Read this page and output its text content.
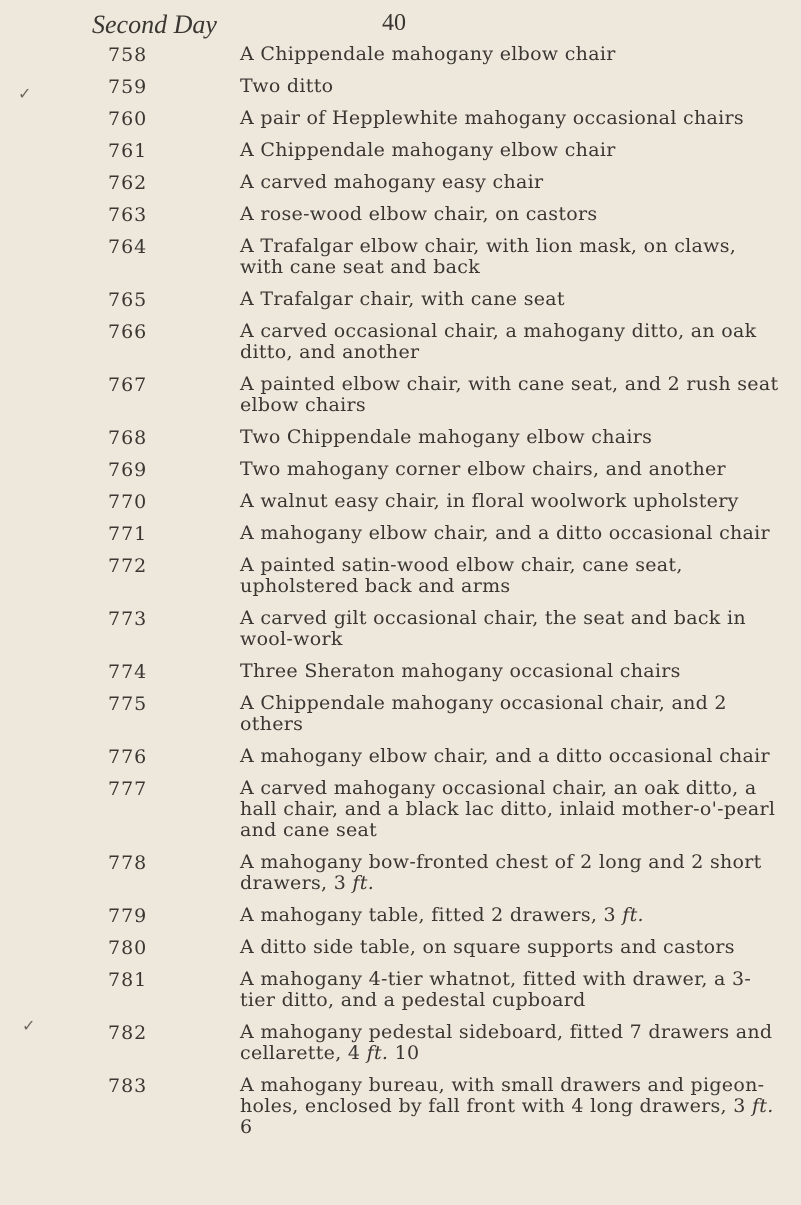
Second Day	40
✓
✓
758	A Chippendale mahogany elbow chair
759	Two ditto
760	A pair of Hepplewhite mahogany occasional chairs
761	A Chippendale mahogany elbow chair
762	A carved mahogany easy chair
763	A rose-wood elbow chair, on castors
764	A Trafalgar elbow chair, with lion mask, on claws, with cane seat and back
765	A Trafalgar chair, with cane seat
766	A carved occasional chair, a mahogany ditto, an oak ditto, and another
767	A painted elbow chair, with cane seat, and 2 rush seat elbow chairs
768	Two Chippendale mahogany elbow chairs
769	Two mahogany corner elbow chairs, and another
770	A walnut easy chair, in floral woolwork upholstery
771	A mahogany elbow chair, and a ditto occasional chair
772	A painted satin-wood elbow chair, cane seat, upholstered back and arms
773	A carved gilt occasional chair, the seat and back in wool-work
774	Three Sheraton mahogany occasional chairs
775	A Chippendale mahogany occasional chair, and 2 others
776	A mahogany elbow chair, and a ditto occasional chair
777	A carved mahogany occasional chair, an oak ditto, a hall chair, and a black lac ditto, inlaid mother-o'-pearl and cane seat
778	A mahogany bow-fronted chest of 2 long and 2 short drawers, 3 ft.
779	A mahogany table, fitted 2 drawers, 3 ft.
780	A ditto side table, on square supports and castors
781	A mahogany 4-tier whatnot, fitted with drawer, a 3-tier ditto, and a pedestal cupboard
782	A mahogany pedestal sideboard, fitted 7 drawers and cellarette, 4 ft. 10
783	A mahogany bureau, with small drawers and pigeon-holes, enclosed by fall front with 4 long drawers, 3 ft. 6
